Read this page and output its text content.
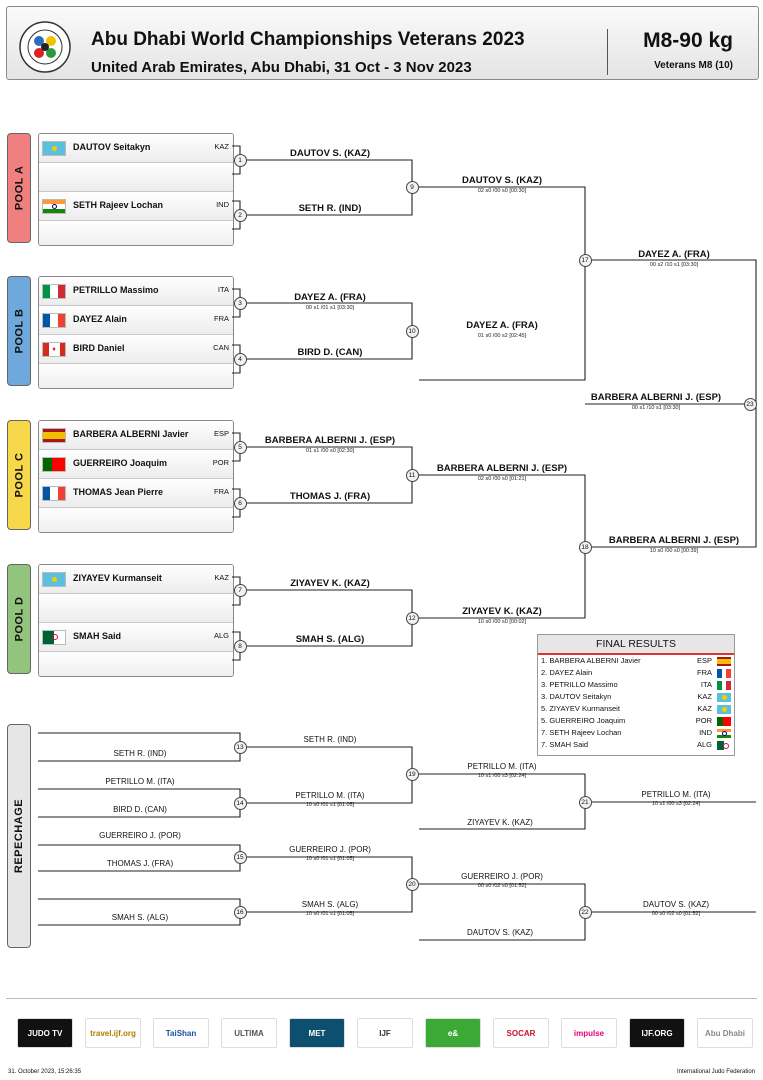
Abu Dhabi World Championships Veterans 2023
United Arab Emirates, Abu Dhabi, 31 Oct - 3 Nov 2023
M8-90 kg
Veterans M8 (10)
POOL A
DAUTOV Seitakyn	KAZ
SETH Rajeev Lochan	IND
POOL B
PETRILLO Massimo	ITA
DAYEZ Alain	FRA
♦	BIRD Daniel	CAN
POOL C
BARBERA ALBERNI Javier	ESP
GUERREIRO Joaquim	POR
THOMAS Jean Pierre	FRA
POOL D
ZIYAYEV Kurmanseit	KAZ
SMAH Said	ALG
REPECHAGE
1
DAUTOV S. (KAZ)
2
SETH R. (IND)
3	DAYEZ A. (FRA)
00 s1 /01 s1 [03:30]
4
BIRD D. (CAN)
5
BARBERA ALBERNI J. (ESP)
01 s1 /00 s0 [02:30]
6
THOMAS J. (FRA)
7
ZIYAYEV K. (KAZ)
8
SMAH S. (ALG)
9
DAUTOV S. (KAZ)
02 s0 /00 s0 [00:30]
10	DAYEZ A. (FRA)
01 s0 /00 s2 [02:45]
11
BARBERA ALBERNI J. (ESP)
02 s0 /00 s0 [01:21]
12
ZIYAYEV K. (KAZ)
10 s0 /00 s0 [00:02]
17	DAYEZ A. (FRA)
00 s2 /10 s1 [03:30]
18
BARBERA ALBERNI J. (ESP)
10 s0 /00 s0 [00:39]
23
BARBERA ALBERNI J. (ESP)
00 s1 /10 s1 [03:30]
13
SETH R. (IND)
14
PETRILLO M. (ITA)
10 s0 /01 s1 [01:05]
15
GUERREIRO J. (POR)
10 s0 /01 s1 [01:05]
16
SMAH S. (ALG)
10 s0 /01 s1 [01:05]
19
PETRILLO M. (ITA)
10 s1 /00 s3 [02:24]
20
GUERREIRO J. (POR)
00 s0 /02 s0 [01:52]
21
PETRILLO M. (ITA)
10 s1 /00 s3 [02:24]
22
DAUTOV S. (KAZ)
00 s0 /02 s0 [01:52]
SETH R. (IND)
PETRILLO M. (ITA)
BIRD D. (CAN)
GUERREIRO J. (POR)
THOMAS J. (FRA)
SMAH S. (ALG)
ZIYAYEV K. (KAZ)
DAUTOV S. (KAZ)
FINAL RESULTS
1. BARBERA ALBERNI Javier	ESP
2. DAYEZ Alain	FRA
3. PETRILLO Massimo	ITA
3. DAUTOV Seitakyn	KAZ
5. ZIYAYEV Kurmanseit	KAZ
5. GUERREIRO Joaquim	POR
7. SETH Rajeev Lochan	IND
7. SMAH Said	ALG
JUDO TV	travel.ijf.org	TaiShan	ULTIMA	MET	IJF	e&	SOCAR	impulse	IJF.ORG	Abu Dhabi
31. October 2023, 15:26:35	International Judo Federation
